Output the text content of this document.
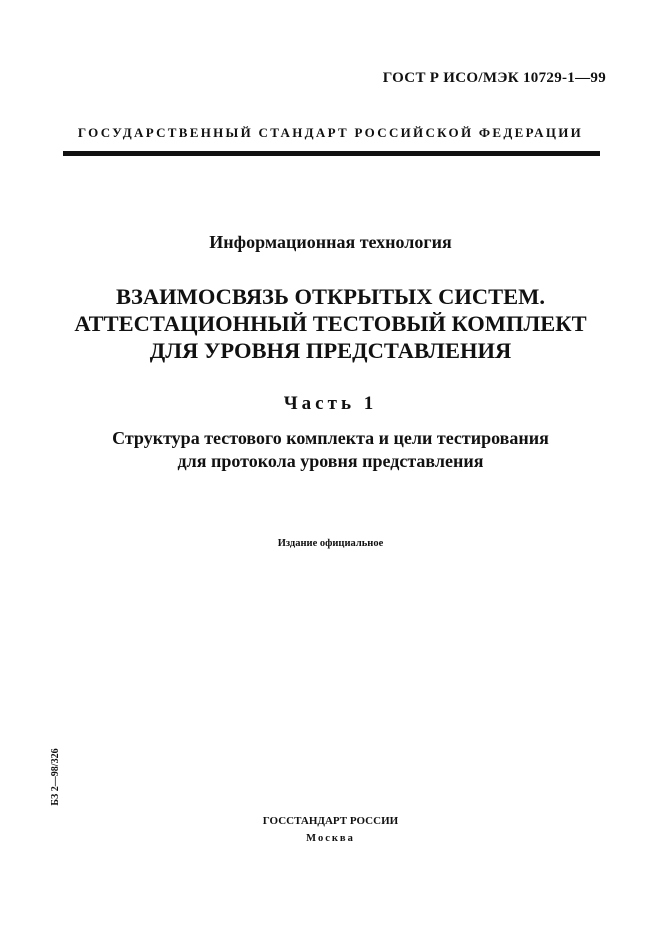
ГОСТ Р ИСО/МЭК 10729-1—99
ГОСУДАРСТВЕННЫЙ СТАНДАРТ РОССИЙСКОЙ ФЕДЕРАЦИИ
Информационная технология
ВЗАИМОСВЯЗЬ ОТКРЫТЫХ СИСТЕМ.
АТТЕСТАЦИОННЫЙ ТЕСТОВЫЙ КОМПЛЕКТ
ДЛЯ УРОВНЯ ПРЕДСТАВЛЕНИЯ
Часть 1
Структура тестового комплекта и цели тестирования
для протокола уровня представления
Издание официальное
БЗ 2—98/326
ГОССТАНДАРТ РОССИИ
Москва
